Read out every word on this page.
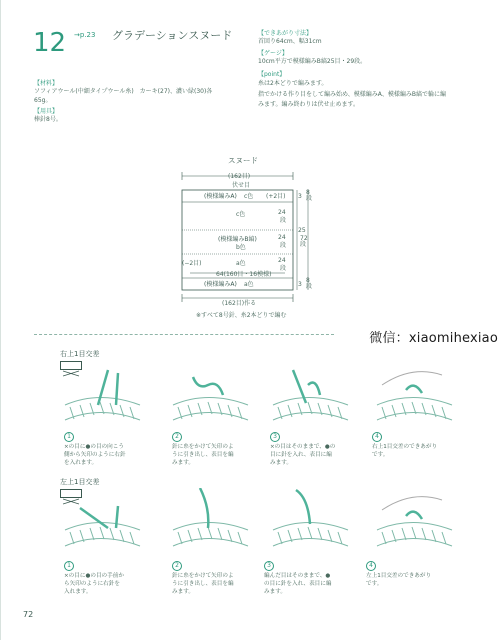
12 →p.23 グラデーションスヌード
【材料】
ソフィアウール(中細タイプウール糸)　カーキ(27)、濃い緑(30)各
65g。
【用具】
棒針8号。
【できあがり寸法】
首回り64cm、幅31cm
【ゲージ】
10cm平方で模様編みB縞25目・29段。
【point】
糸は2本どりで編みます。
指でかける作り目をして編み始め、模様編みA、模様編みB縞で輪に編
みます。編み終わりは伏せ止めます。
スヌード
(162目)
伏せ目
(模様編みA) c色 (+2目)
c色
(模様編みB縞)
b色
(−2目)	a色
64(160目・16模様)
(模様編みA) a色
3
8段
24
段
24
段
25
72段
24
段
3
8段
(162目)作る
※すべて8号針、糸2本どりで編む
微信：xiaomihexiao
右上1目交差
1
×の目に●の目の向こう
側から矢印のように右針
を入れます。
2
針に糸をかけて矢印のよ
うに引き出し、表目を編
みます。
3
×の目はそのままで、●の
目に針を入れ、表目に編
みます。
4
右上1目交差のできあがり
です。
左上1目交差
1
×の目に●の目の手前か
ら矢印のように右針を
入れます。
2
針に糸をかけて矢印のよ
うに引き出し、表目を編
みます。
3
編んだ目はそのままで、●
の目に針を入れ、表目に編
みます。
4
左上1目交差のできあがり
です。
72
